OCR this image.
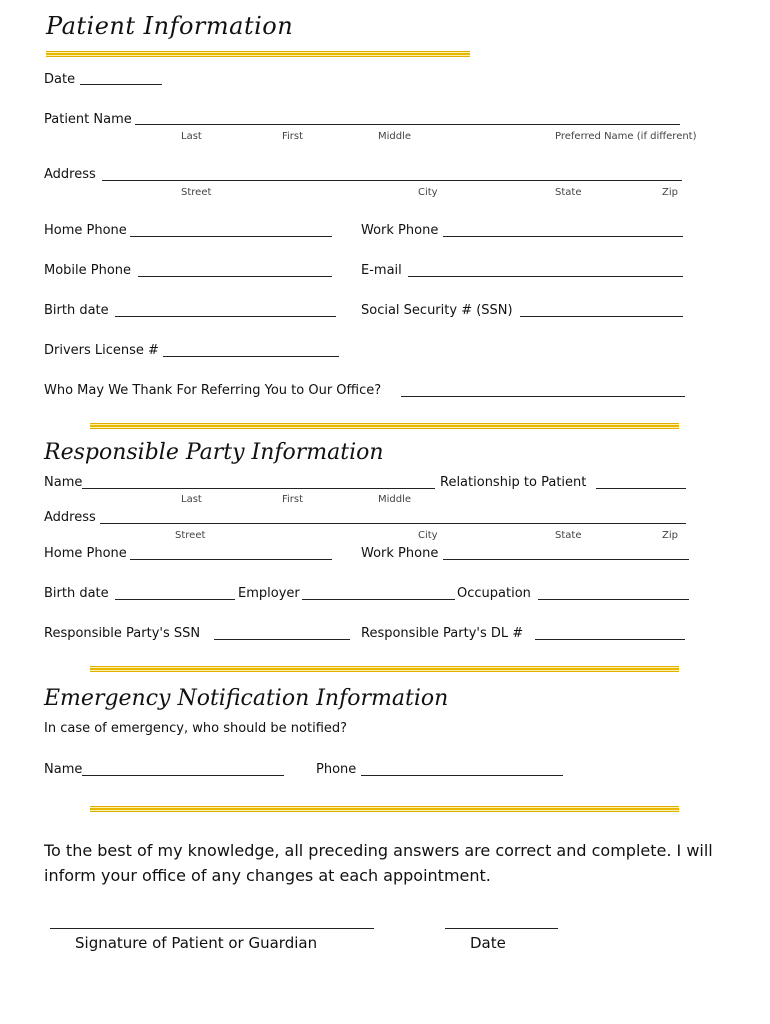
Patient Information
Date
Patient Name
Last	First	Middle	Preferred Name (if different)
Address
Street	City	State	Zip
Home Phone	Work Phone
Mobile Phone	E-mail
Birth date	Social Security # (SSN)
Drivers License #
Who May We Thank For Referring You to Our Office?
Responsible Party Information
Name	Relationship to Patient
Last	First	Middle
Address
Street	City	State	Zip
Home Phone	Work Phone
Birth date	Employer	Occupation
Responsible Party's SSN	Responsible Party's DL #
Emergency Notification Information
In case of emergency, who should be notified?
Name	Phone
To the best of my knowledge, all preceding answers are correct and complete. I will inform your office of any changes at each appointment.
Signature of Patient or Guardian	Date
